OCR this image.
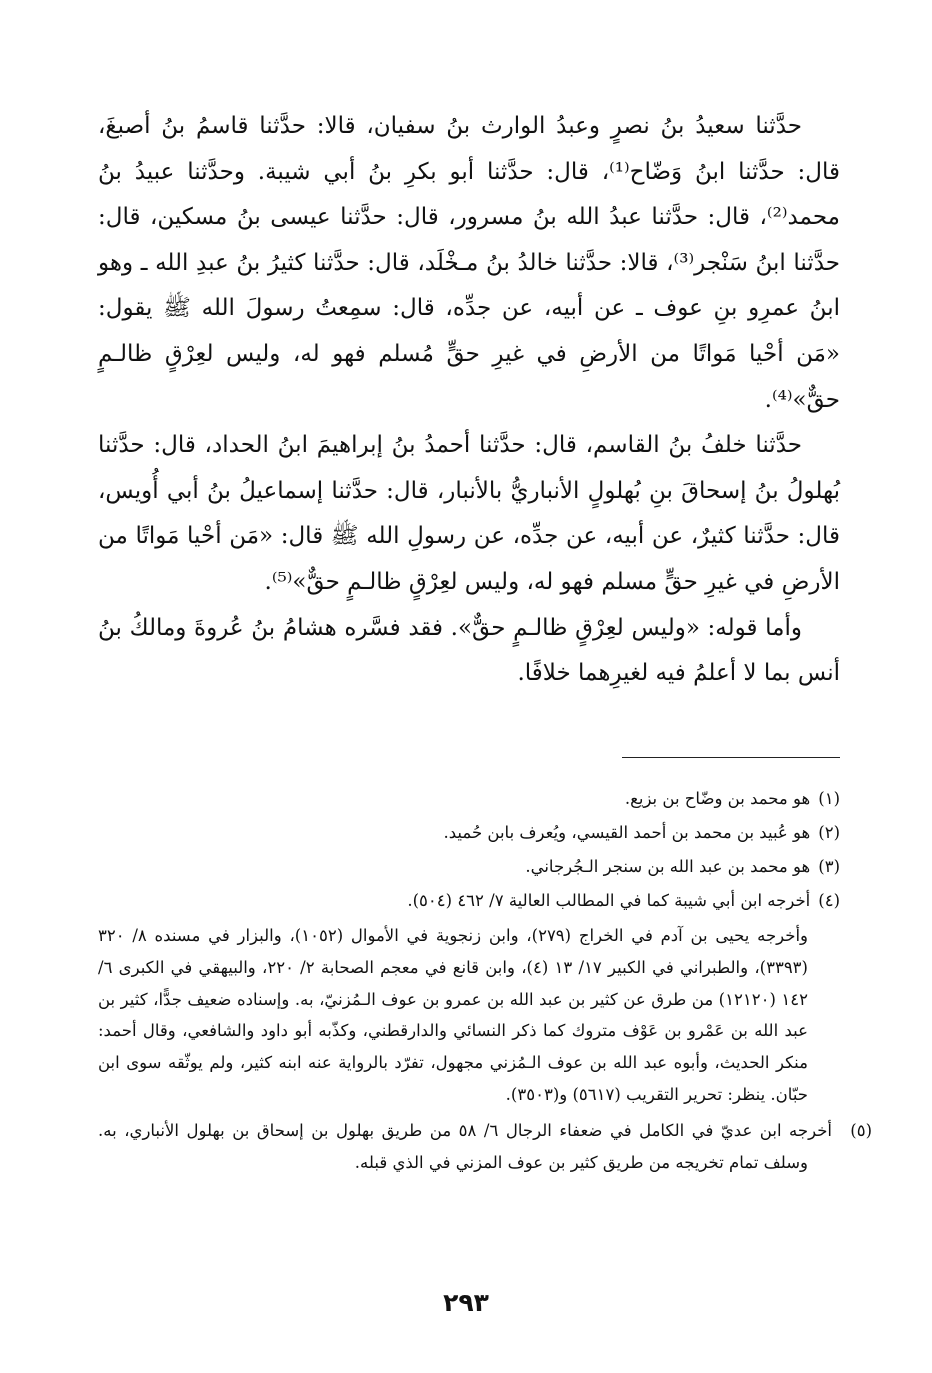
حدَّثنا سعيدُ بنُ نصرٍ وعبدُ الوارث بنُ سفيان، قالا: حدَّثنا قاسمُ بنُ أصبغَ، قال: حدَّثنا ابنُ وَضّاح⁽¹⁾، قال: حدَّثنا أبو بكرِ بنُ أبي شيبة. وحدَّثنا عبيدُ بنُ محمد⁽²⁾، قال: حدَّثنا عبدُ الله بنُ مسرور، قال: حدَّثنا عيسى بنُ مسكين، قال: حدَّثنا ابنُ سَنْجر⁽³⁾، قالا: حدَّثنا خالدُ بنُ مـخْلَد، قال: حدَّثنا كثيرُ بنُ عبدِ الله ـ وهو ابنُ عمرِو بنِ عوف ـ عن أبيه، عن جدِّه، قال: سمِعتُ رسولَ الله ﷺ يقول: «مَن أحْيا مَواتًا من الأرضِ في غيرِ حقٍّ مُسلم فهو له، وليس لعِرْقٍ ظالـمٍ حقٌّ»⁽⁴⁾.

حدَّثنا خلفُ بنُ القاسم، قال: حدَّثنا أحمدُ بنُ إبراهيمَ ابنُ الحداد، قال: حدَّثنا بُهلولُ بنُ إسحاقَ بنِ بُهلولٍ الأنباريُّ بالأنبار، قال: حدَّثنا إسماعيلُ بنُ أبي أُويس، قال: حدَّثنا كثيرٌ، عن أبيه، عن جدِّه، عن رسولِ الله ﷺ قال: «مَن أحْيا مَواتًا من الأرضِ في غيرِ حقٍّ مسلم فهو له، وليس لعِرْقٍ ظالـمٍ حقٌّ»⁽⁵⁾.

وأما قوله: «وليس لعِرْقٍ ظالـمٍ حقٌّ». فقد فسَّره هشامُ بنُ عُروةَ ومالكُ بنُ أنس بما لا أعلمُ فيه لغيرِهما خلافًا.

(١)هو محمد بن وضّاح بن بزيع.

(٢)هو عُبيد بن محمد بن أحمد القيسي، ويُعرف بابن حُميد.

(٣)هو محمد بن عبد الله بن سنجر الـجُرجاني.

(٤)أخرجه ابن أبي شيبة كما في المطالب العالية ٧/ ٤٦٢ (٥٠٤).

وأخرجه يحيى بن آدم في الخراج (٢٧٩)، وابن زنجوية في الأموال (١٠٥٢)، والبزار في مسنده ٨/ ٣٢٠ (٣٣٩٣)، والطبراني في الكبير ١٧/ ١٣ (٤)، وابن قانع في معجم الصحابة ٢/ ٢٢٠، والبيهقي في الكبرى ٦/ ١٤٢ (١٢١٢٠) من طرق عن كثير بن عبد الله بن عمرو بن عوف الـمُزنيّ، به. وإسناده ضعيف جدًّا، كثير بن عبد الله بن عَمْرو بن عَوْف متروك كما ذكر النسائي والدارقطني، وكذّبه أبو داود والشافعي، وقال أحمد: منكر الحديث، وأبوه عبد الله بن عوف الـمُزني مجهول، تفرّد بالرواية عنه ابنه كثير، ولم يوثّقه سوى ابن حبّان. ينظر: تحرير التقريب (٥٦١٧) و(٣٥٠٣).

(٥)أخرجه ابن عديّ في الكامل في ضعفاء الرجال ٦/ ٥٨ من طريق بهلول بن إسحاق بن بهلول الأنباري، به. وسلف تمام تخريجه من طريق كثير بن عوف المزني في الذي قبله.

٢٩٣
